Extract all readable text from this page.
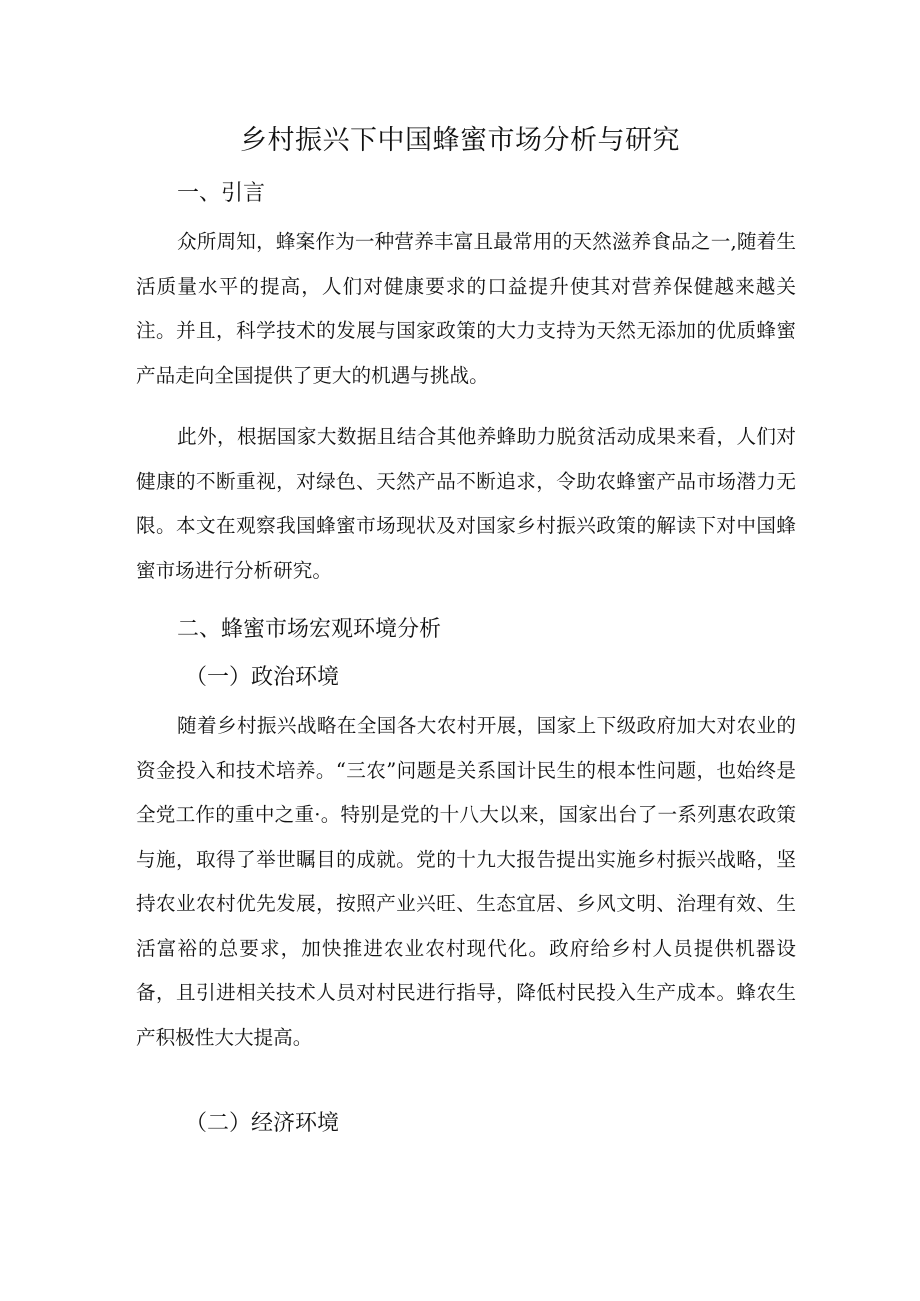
乡村振兴下中国蜂蜜市场分析与研究
一、引言

众所周知，蜂案作为一种营养丰富且最常用的天然滋养食品之一,随着生活质量水平的提高，人们对健康要求的口益提升使其对营养保健越来越关注。并且，科学技术的发展与国家政策的大力支持为天然无添加的优质蜂蜜产品走向全国提供了更大的机遇与挑战。

此外，根据国家大数据且结合其他养蜂助力脱贫活动成果来看，人们对健康的不断重视，对绿色、天然产品不断追求，令助农蜂蜜产品市场潜力无限。本文在观察我国蜂蜜市场现状及对国家乡村振兴政策的解读下对中国蜂蜜市场进行分析研究。

二、蜂蜜市场宏观环境分析
（一）政治环境

随着乡村振兴战略在全国各大农村开展，国家上下级政府加大对农业的资金投入和技术培养。“三农”问题是关系国计民生的根本性问题，也始终是全党工作的重中之重·。特别是党的十八大以来，国家出台了一系列惠农政策与施，取得了举世瞩目的成就。党的十九大报告提出实施乡村振兴战略，坚持农业农村优先发展，按照产业兴旺、生态宜居、乡风文明、治理有效、生活富裕的总要求，加快推进农业农村现代化。政府给乡村人员提供机器设备，且引进相关技术人员对村民进行指导，降低村民投入生产成本。蜂农生产积极性大大提高。

（二）经济环境
